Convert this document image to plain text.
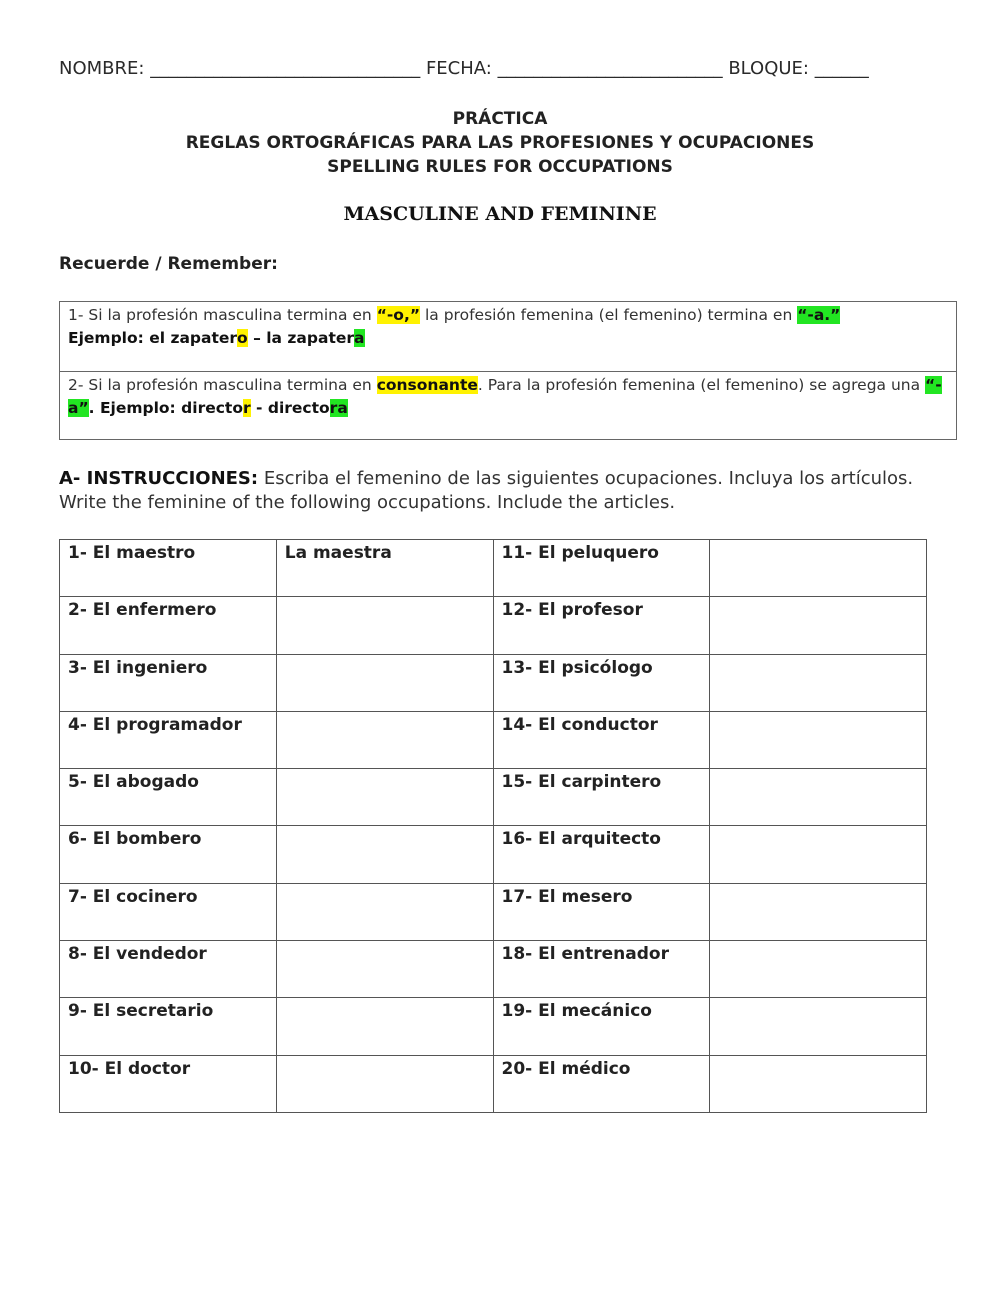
NOMBRE: ______________________________ FECHA: _________________________ BLOQUE: ______
PRÁCTICA
REGLAS ORTOGRÁFICAS PARA LAS PROFESIONES Y OCUPACIONES
SPELLING RULES FOR OCCUPATIONS
MASCULINE AND FEMININE
Recuerde / Remember:
1- Si la profesión masculina termina en “-o,” la profesión femenina (el femenino) termina en “-a.”
Ejemplo: el zapatero – la zapatera
2- Si la profesión masculina termina en consonante. Para la profesión femenina (el femenino) se agrega una “-a”. Ejemplo: director - directora
A- INSTRUCCIONES: Escriba el femenino de las siguientes ocupaciones. Incluya los artículos.
Write the feminine of the following occupations. Include the articles.
1- El maestro	La maestra	11- El peluquero	
2- El enfermero		12- El profesor	
3- El ingeniero		13- El psicólogo	
4- El programador		14- El conductor	
5- El abogado		15- El carpintero	
6- El bombero		16- El arquitecto	
7- El cocinero		17- El mesero	
8- El vendedor		18- El entrenador	
9- El secretario		19- El mecánico	
10- El doctor		20- El médico	
